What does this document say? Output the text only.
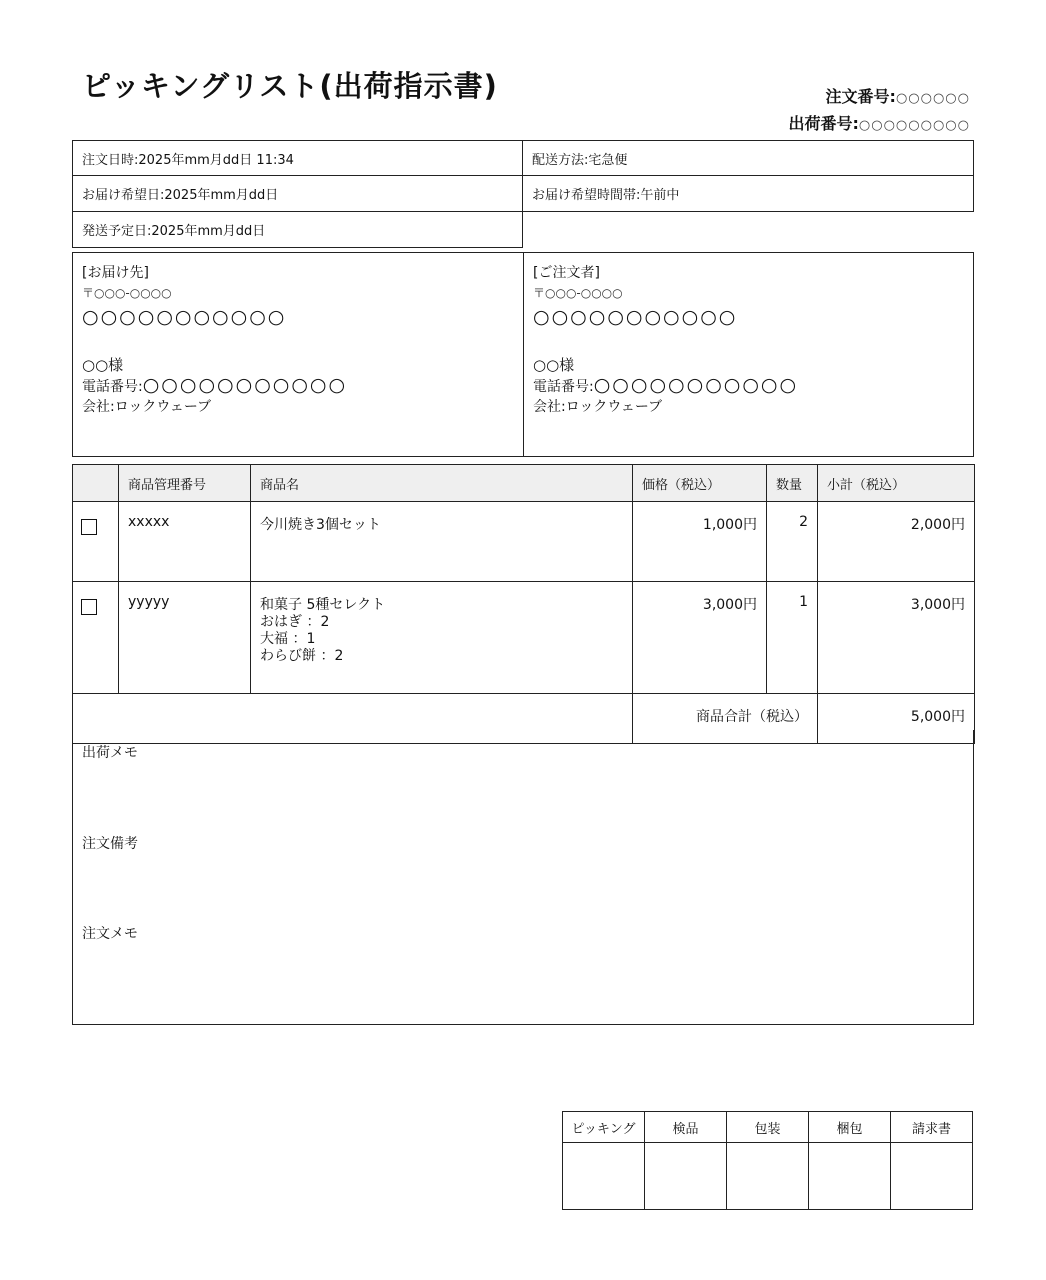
ピッキングリスト(出荷指示書)	注文番号:○○○○○○
出荷番号:○○○○○○○○○
注文日時:2025年mm月dd日 11:34	配送方法:宅急便
お届け希望日:2025年mm月dd日	お届け希望時間帯:午前中
発送予定日:2025年mm月dd日
[お届け先]
〒○○○-○○○○
○○○○○○○○○○○
○○様
電話番号:○○○○○○○○○○○
会社:ロックウェーブ
[ご注文者]
〒○○○-○○○○
○○○○○○○○○○○
○○様
電話番号:○○○○○○○○○○○
会社:ロックウェーブ
	商品管理番号	商品名	価格（税込）	数量	小計（税込）
	xxxxx	今川焼き3個セット	1,000円	2	2,000円
	yyyyy	和菓子 5種セレクト
おはぎ ：2
大福 ：1
わらび餅 ：2	3,000円	1	3,000円
			商品合計（税込）		5,000円
出荷メモ
注文備考
注文メモ
ピッキング	検品	包装	梱包	請求書
